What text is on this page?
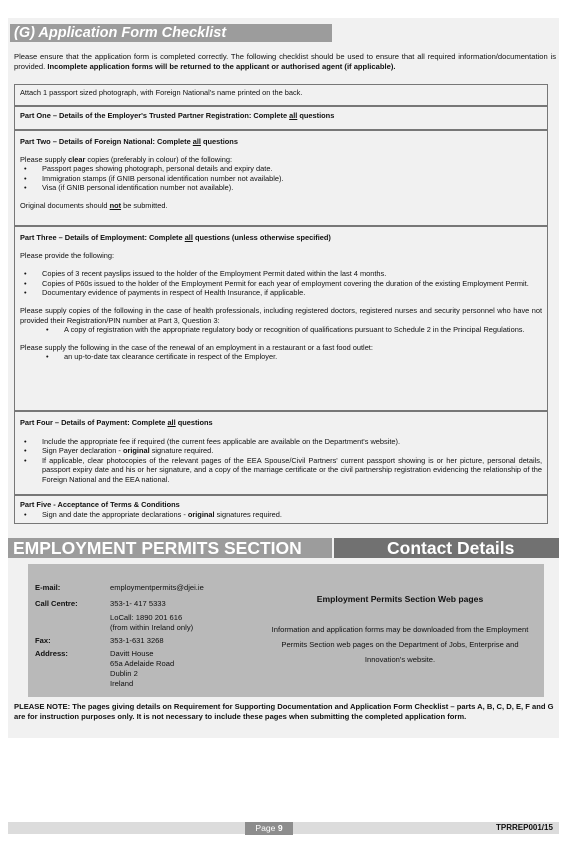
(G) Application Form Checklist
Please ensure that the application form is completed correctly. The following checklist should be used to ensure that all required information/documentation is provided. Incomplete application forms will be returned to the applicant or authorised agent (if applicable).

Attach 1 passport sized photograph, with Foreign National's name printed on the back.

Part One – Details of the Employer's Trusted Partner Registration: Complete all questions

Part Two – Details of Foreign National: Complete all questions

Please supply clear copies (preferably in colour) of the following:

• Passport pages showing photograph, personal details and expiry date.
• Immigration stamps (if GNIB personal identification number not available).
• Visa (if GNIB personal identification number not available).

Original documents should not be submitted.

Part Three – Details of Employment: Complete all questions (unless otherwise specified)

Please provide the following:

• Copies of 3 recent payslips issued to the holder of the Employment Permit dated within the last 4 months.
• Copies of P60s issued to the holder of the Employment Permit for each year of employment covering the duration of the existing Employment Permit.
• Documentary evidence of payments in respect of Health Insurance, if applicable.

Please supply copies of the following in the case of health professionals, including registered doctors, registered nurses and security personnel who have not provided their Registration/PIN number at Part 3, Question 3:

• A copy of registration with the appropriate regulatory body or recognition of qualifications pursuant to Schedule 2 in the Principal Regulations.

Please supply the following in the case of the renewal of an employment in a restaurant or a fast food outlet:

• an up-to-date tax clearance certificate in respect of the Employer.

Part Four – Details of Payment: Complete all questions

• Include the appropriate fee if required (the current fees applicable are available on the Department's website).
• Sign Payer declaration - original signature required.
• If applicable, clear photocopies of the relevant pages of the EEA Spouse/Civil Partners' current passport showing is or her picture, personal details, passport expiry date and his or her signature, and a copy of the marriage certificate or the civil partnership registration evidencing the relationship of the Foreign National and the EEA national.

Part Five - Acceptance of Terms & Conditions

• Sign and date the appropriate declarations - original signatures required.
EMPLOYMENT PERMITS SECTION	Contact Details
E-mail:	employmentpermits@djei.ie
Call Centre:	353-1- 417 5333
LoCall: 1890 201 616
(from within Ireland only)
Fax:	353-1-631 3268
Address:	Davitt House
65a Adelaide Road
Dublin 2
Ireland
Employment Permits Section Web pages
Information and application forms may be downloaded from the Employment Permits Section web pages on the Department of Jobs, Enterprise and Innovation's website.
PLEASE NOTE: The pages giving details on Requirement for Supporting Documentation and Application Form Checklist – parts A, B, C, D, E, F and G are for instruction purposes only. It is not necessary to include these pages when submitting the completed application form.
Page 9	TPRREP001/15
